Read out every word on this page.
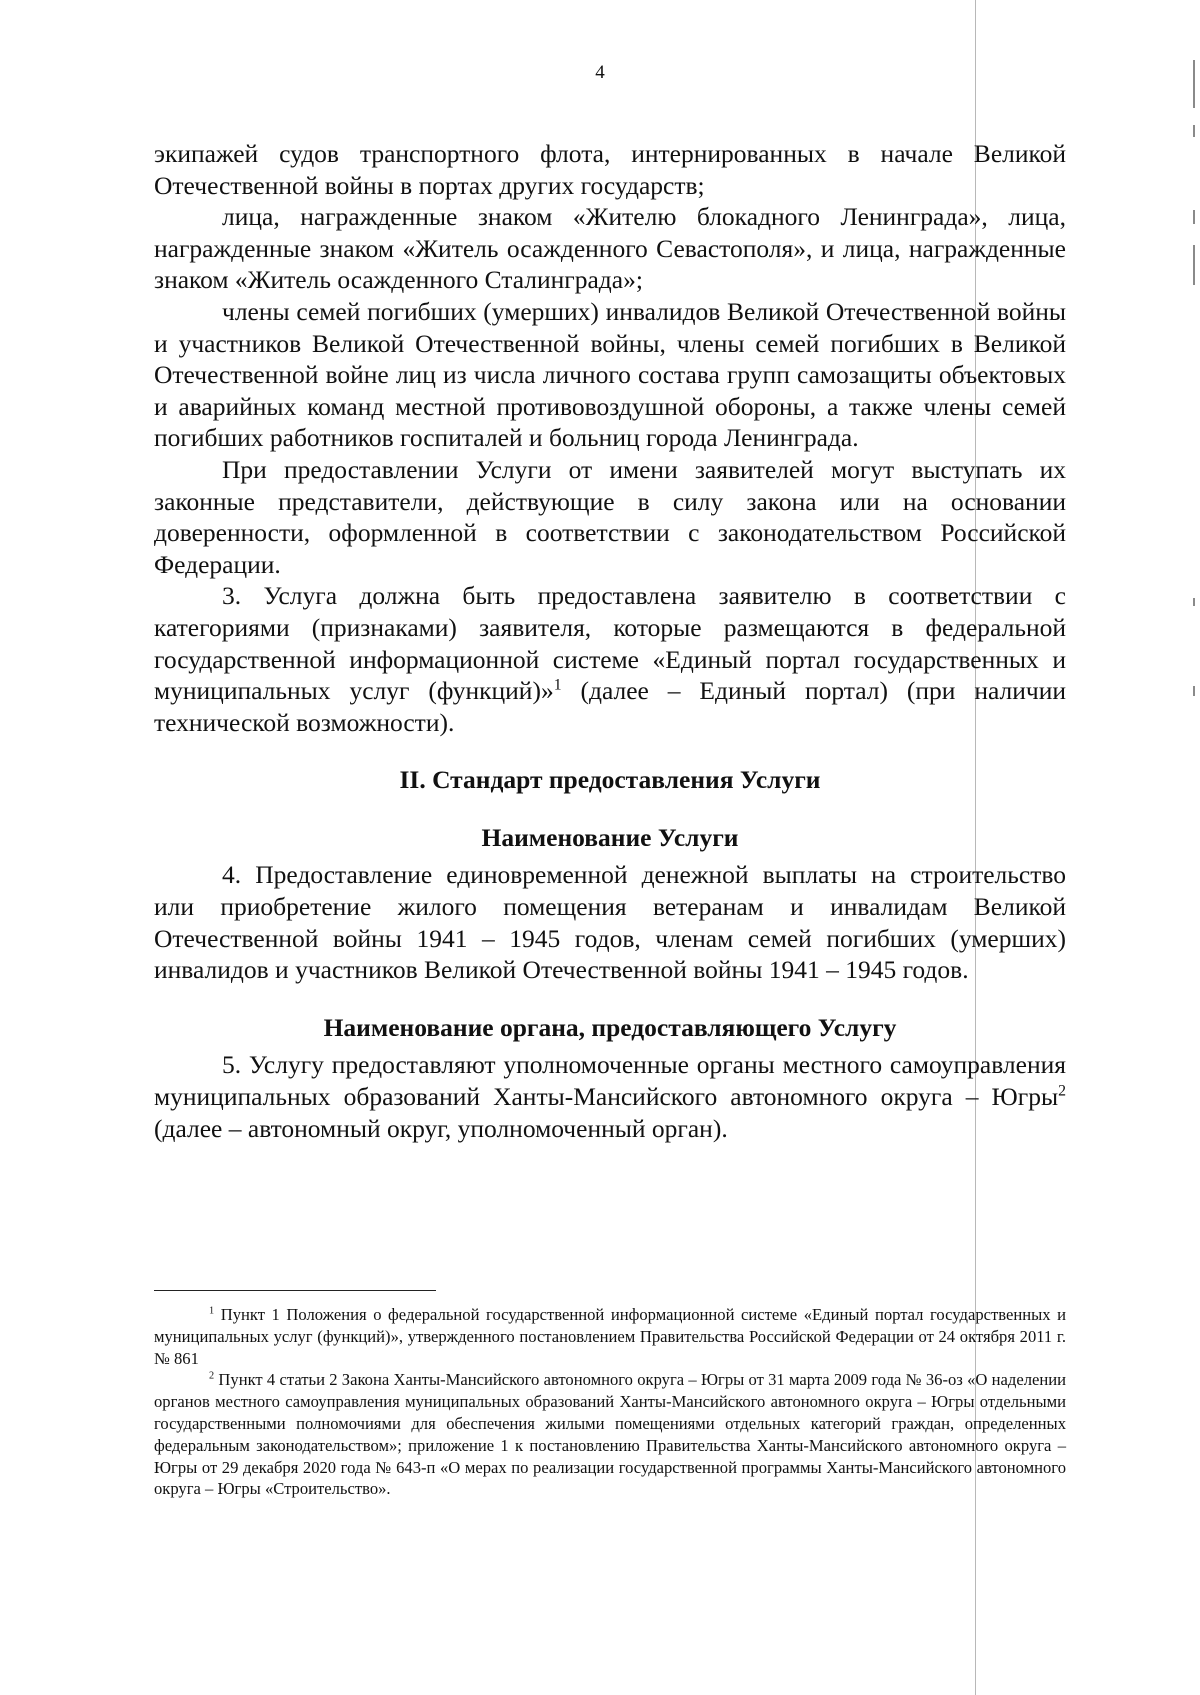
4

экипажей судов транспортного флота, интернированных в начале Великой Отечественной войны в портах других государств;

лица, награжденные знаком «Жителю блокадного Ленинграда», лица, награжденные знаком «Житель осажденного Севастополя», и лица, награжденные знаком «Житель осажденного Сталинграда»;

члены семей погибших (умерших) инвалидов Великой Отечественной войны и участников Великой Отечественной войны, члены семей погибших в Великой Отечественной войне лиц из числа личного состава групп самозащиты объектовых и аварийных команд местной противовоздушной обороны, а также члены семей погибших работников госпиталей и больниц города Ленинграда.

При предоставлении Услуги от имени заявителей могут выступать их законные представители, действующие в силу закона или на основании доверенности, оформленной в соответствии с законодательством Российской Федерации.

3. Услуга должна быть предоставлена заявителю в соответствии с категориями (признаками) заявителя, которые размещаются в федеральной государственной информационной системе «Единый портал государственных и муниципальных услуг (функций)»$^1$ (далее – Единый портал) (при наличии технической возможности).

II. Стандарт предоставления Услуги

Наименование Услуги

4. Предоставление единовременной денежной выплаты на строительство или приобретение жилого помещения ветеранам и инвалидам Великой Отечественной войны 1941 – 1945 годов, членам семей погибших (умерших) инвалидов и участников Великой Отечественной войны 1941 – 1945 годов.

Наименование органа, предоставляющего Услугу

5. Услугу предоставляют уполномоченные органы местного самоуправления муниципальных образований Ханты-Мансийского автономного округа – Югры$^2$ (далее – автономный округ, уполномоченный орган).

$^1$ Пункт 1 Положения о федеральной государственной информационной системе «Единый портал государственных и муниципальных услуг (функций)», утвержденного постановлением Правительства Российской Федерации от 24 октября 2011 г. № 861

$^2$ Пункт 4 статьи 2 Закона Ханты-Мансийского автономного округа – Югры от 31 марта 2009 года № 36-оз «О наделении органов местного самоуправления муниципальных образований Ханты-Мансийского автономного округа – Югры отдельными государственными полномочиями для обеспечения жилыми помещениями отдельных категорий граждан, определенных федеральным законодательством»; приложение 1 к постановлению Правительства Ханты-Мансийского автономного округа – Югры от 29 декабря 2020 года № 643-п «О мерах по реализации государственной программы Ханты-Мансийского автономного округа – Югры «Строительство».
